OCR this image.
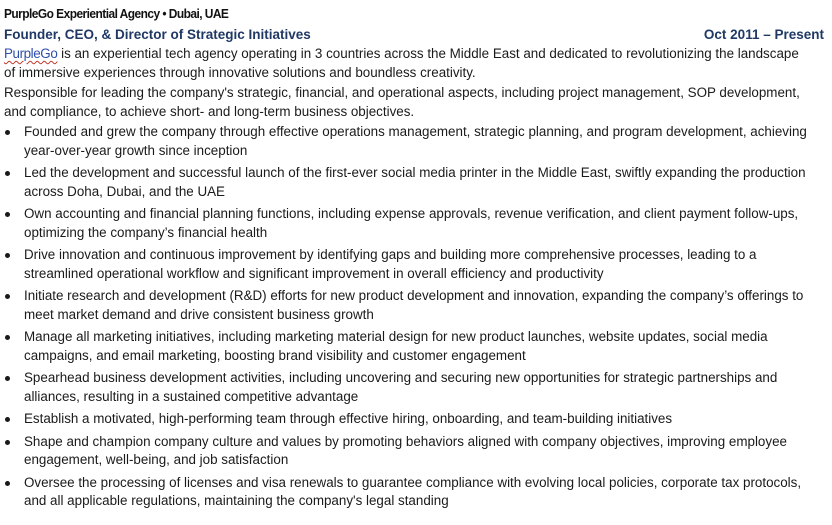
PurpleGo Experiential Agency • Dubai, UAE
Founder, CEO, & Director of Strategic Initiatives	Oct 2011 – Present
PurpleGo is an experiential tech agency operating in 3 countries across the Middle East and dedicated to revolutionizing the landscape of immersive experiences through innovative solutions and boundless creativity.
Responsible for leading the company's strategic, financial, and operational aspects, including project management, SOP development, and compliance, to achieve short- and long-term business objectives.
Founded and grew the company through effective operations management, strategic planning, and program development, achieving year-over-year growth since inception
Led the development and successful launch of the first-ever social media printer in the Middle East, swiftly expanding the production across Doha, Dubai, and the UAE
Own accounting and financial planning functions, including expense approvals, revenue verification, and client payment follow-ups, optimizing the company’s financial health
Drive innovation and continuous improvement by identifying gaps and building more comprehensive processes, leading to a streamlined operational workflow and significant improvement in overall efficiency and productivity
Initiate research and development (R&D) efforts for new product development and innovation, expanding the company’s offerings to meet market demand and drive consistent business growth
Manage all marketing initiatives, including marketing material design for new product launches, website updates, social media campaigns, and email marketing, boosting brand visibility and customer engagement
Spearhead business development activities, including uncovering and securing new opportunities for strategic partnerships and alliances, resulting in a sustained competitive advantage
Establish a motivated, high-performing team through effective hiring, onboarding, and team-building initiatives
Shape and champion company culture and values by promoting behaviors aligned with company objectives, improving employee engagement, well-being, and job satisfaction
Oversee the processing of licenses and visa renewals to guarantee compliance with evolving local policies, corporate tax protocols, and all applicable regulations, maintaining the company's legal standing
